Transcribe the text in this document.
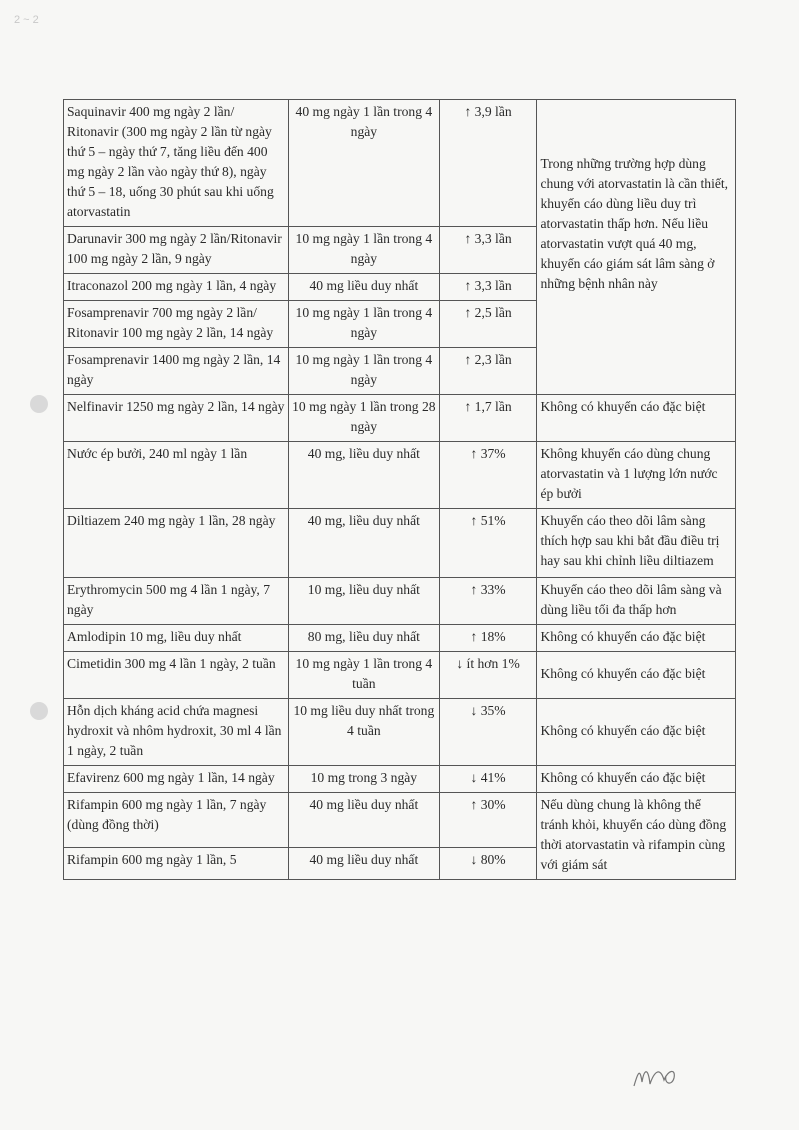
2 ~ 2
Saquinavir 400 mg ngày 2 lần/ Ritonavir (300 mg ngày 2 lần từ ngày thứ 5 – ngày thứ 7, tăng liều đến 400 mg ngày 2 lần vào ngày thứ 8), ngày thứ 5 – 18, uống 30 phút sau khi uống atorvastatin	40 mg ngày 1 lần trong 4 ngày	↑ 3,9 lần	Trong những trường hợp dùng chung với atorvastatin là cần thiết, khuyến cáo dùng liều duy trì atorvastatin thấp hơn. Nếu liều atorvastatin vượt quá 40 mg, khuyến cáo giám sát lâm sàng ở những bệnh nhân này
Darunavir 300 mg ngày 2 lần/Ritonavir 100 mg ngày 2 lần, 9 ngày	10 mg ngày 1 lần trong 4 ngày	↑ 3,3 lần	
Itraconazol 200 mg ngày 1 lần, 4 ngày	40 mg liều duy nhất	↑ 3,3 lần	
Fosamprenavir 700 mg ngày 2 lần/ Ritonavir 100 mg ngày 2 lần, 14 ngày	10 mg ngày 1 lần trong 4 ngày	↑ 2,5 lần	
Fosamprenavir 1400 mg ngày 2 lần, 14 ngày	10 mg ngày 1 lần trong 4 ngày	↑ 2,3 lần	
Nelfinavir 1250 mg ngày 2 lần, 14 ngày	10 mg ngày 1 lần trong 28 ngày	↑ 1,7 lần	Không có khuyến cáo đặc biệt
Nước ép bưởi, 240 ml ngày 1 lần	40 mg, liều duy nhất	↑ 37%	Không khuyến cáo dùng chung atorvastatin và 1 lượng lớn nước ép bưởi
Diltiazem 240 mg ngày 1 lần, 28 ngày	40 mg, liều duy nhất	↑ 51%	Khuyến cáo theo dõi lâm sàng thích hợp sau khi bắt đầu điều trị hay sau khi chỉnh liều diltiazem
Erythromycin 500 mg 4 lần 1 ngày, 7 ngày	10 mg, liều duy nhất	↑ 33%	Khuyến cáo theo dõi lâm sàng và dùng liều tối đa thấp hơn
Amlodipin 10 mg, liều duy nhất	80 mg, liều duy nhất	↑ 18%	Không có khuyến cáo đặc biệt
Cimetidin 300 mg 4 lần 1 ngày, 2 tuần	10 mg ngày 1 lần trong 4 tuần	↓ ít hơn 1%	Không có khuyến cáo đặc biệt
Hỗn dịch kháng acid chứa magnesi hydroxit và nhôm hydroxit, 30 ml 4 lần 1 ngày, 2 tuần	10 mg liều duy nhất trong 4 tuần	↓ 35%	Không có khuyến cáo đặc biệt
Efavirenz 600 mg ngày 1 lần, 14 ngày	10 mg trong 3 ngày	↓ 41%	Không có khuyến cáo đặc biệt
Rifampin 600 mg ngày 1 lần, 7 ngày (dùng đồng thời)	40 mg liều duy nhất	↑ 30%	Nếu dùng chung là không thể tránh khỏi, khuyến cáo dùng đồng thời atorvastatin và rifampin cùng với giám sát
Rifampin 600 mg ngày 1 lần, 5	40 mg liều duy nhất	↓ 80%	
